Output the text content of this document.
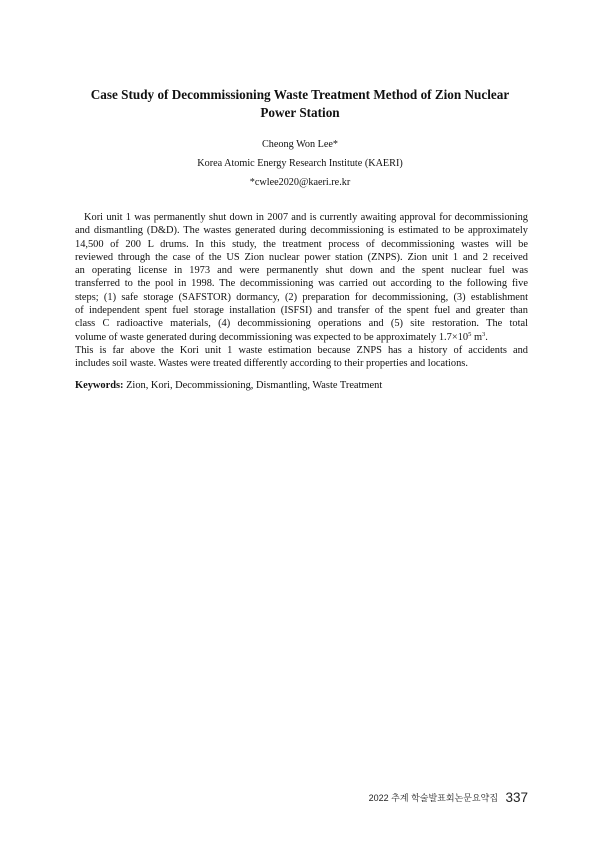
Case Study of Decommissioning Waste Treatment Method of Zion Nuclear
Power Station
Cheong Won Lee*
Korea Atomic Energy Research Institute (KAERI)
*cwlee2020@kaeri.re.kr
Kori unit 1 was permanently shut down in 2007 and is currently awaiting approval for decommissioning
and dismantling (D&D). The wastes generated during decommissioning is estimated to be approximately
14,500 of 200 L drums. In this study, the treatment process of decommissioning wastes will be
reviewed through the case of the US Zion nuclear power station (ZNPS). Zion unit 1 and 2 received
an operating license in 1973 and were permanently shut down and the spent nuclear fuel was
transferred to the pool in 1998. The decommissioning was carried out according to the following five
steps; (1) safe storage (SAFSTOR) dormancy, (2) preparation for decommissioning, (3) establishment
of independent spent fuel storage installation (ISFSI) and transfer of the spent fuel and greater than
class C radioactive materials, (4) decommissioning operations and (5) site restoration. The total
volume of waste generated during decommissioning was expected to be approximately $1.7\times 10^5$ $m^3$.
This is far above the Kori unit 1 waste estimation because ZNPS has a history of accidents and
includes soil waste. Wastes were treated differently according to their properties and locations.
Keywords: Zion, Kori, Decommissioning, Dismantling, Waste Treatment
2022 추계 학술발표회논문요약집 337
